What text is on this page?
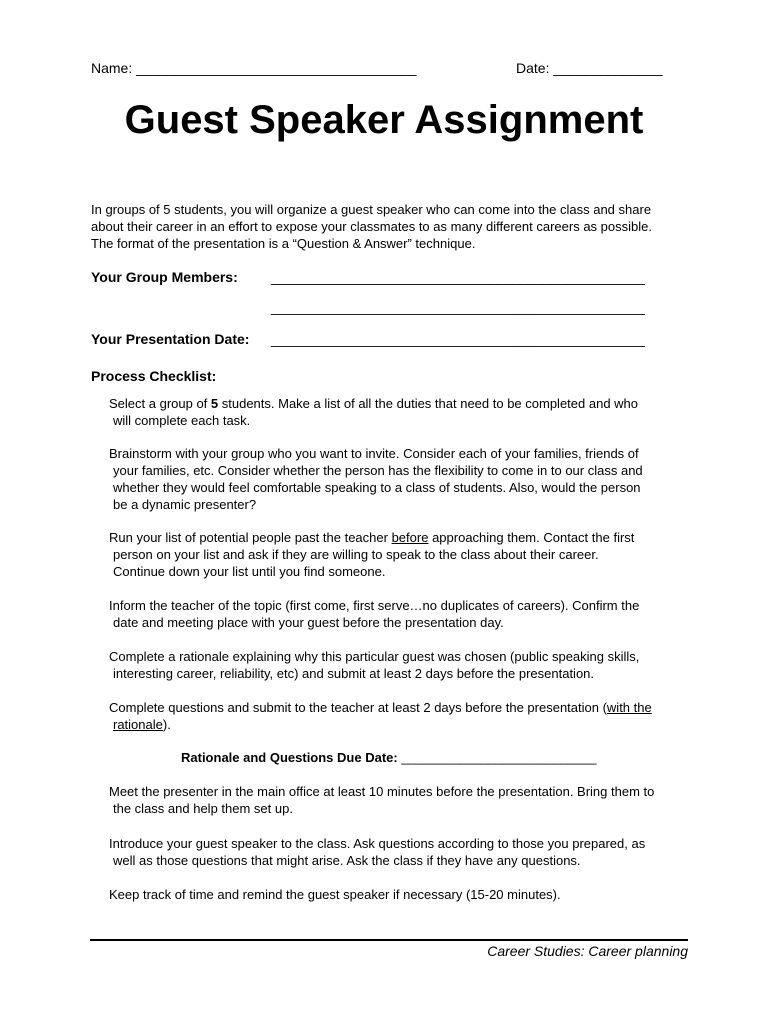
Name: ____________________________________	Date: ______________
Guest Speaker Assignment
In groups of 5 students, you will organize a guest speaker who can come into the class and share
about their career in an effort to expose your classmates to as many different careers as possible.
The format of the presentation is a “Question & Answer” technique.
Your Group Members: ________________________________________________
________________________________________________
Your Presentation Date: ________________________________________________
Process Checklist:
Select a group of 5 students. Make a list of all the duties that need to be completed and who
will complete each task.
Brainstorm with your group who you want to invite. Consider each of your families, friends of
your families, etc. Consider whether the person has the flexibility to come in to our class and
whether they would feel comfortable speaking to a class of students. Also, would the person
be a dynamic presenter?
Run your list of potential people past the teacher before approaching them. Contact the first
person on your list and ask if they are willing to speak to the class about their career.
Continue down your list until you find someone.
Inform the teacher of the topic (first come, first serve…no duplicates of careers). Confirm the
date and meeting place with your guest before the presentation day.
Complete a rationale explaining why this particular guest was chosen (public speaking skills,
interesting career, reliability, etc) and submit at least 2 days before the presentation.
Complete questions and submit to the teacher at least 2 days before the presentation (with the
rationale).
Rationale and Questions Due Date: ___________________________
Meet the presenter in the main office at least 10 minutes before the presentation. Bring them to
the class and help them set up.
Introduce your guest speaker to the class. Ask questions according to those you prepared, as
well as those questions that might arise. Ask the class if they have any questions.
Keep track of time and remind the guest speaker if necessary (15-20 minutes).
Career Studies: Career planning
